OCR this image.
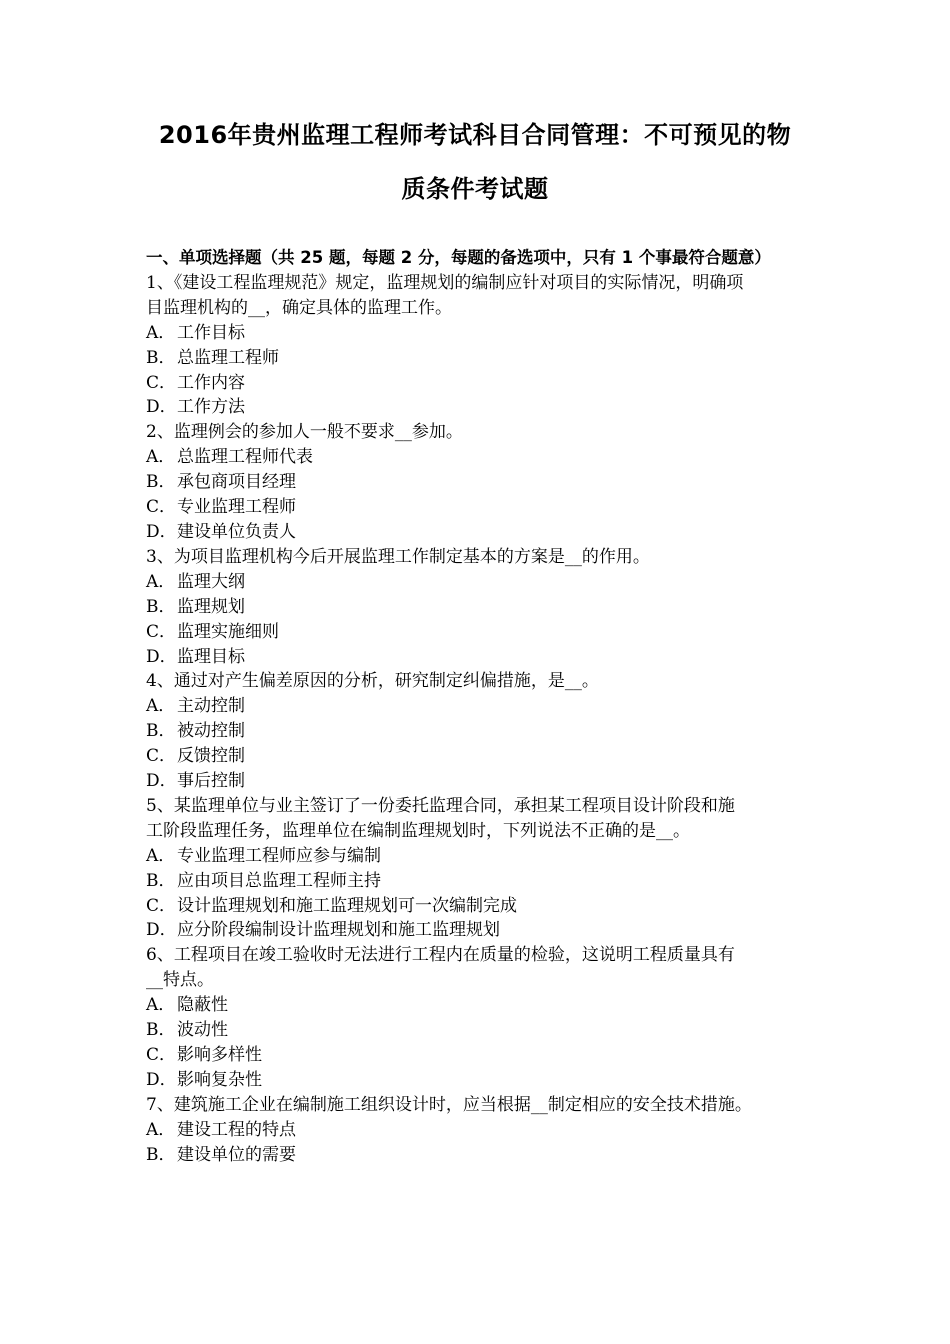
2016年贵州监理工程师考试科目合同管理：不可预见的物
质条件考试题
一、单项选择题（共 25 题，每题 2 分，每题的备选项中，只有 1 个事最符合题意）
1、《建设工程监理规范》规定，监理规划的编制应针对项目的实际情况，明确项
目监理机构的__，确定具体的监理工作。
A． 工作目标
B．总监理工程师
C．工作内容
D．工作方法
2、监理例会的参加人一般不要求__参加。
A． 总监理工程师代表
B．承包商项目经理
C．专业监理工程师
D．建设单位负责人
3、为项目监理机构今后开展监理工作制定基本的方案是__的作用。
A． 监理大纲
B．监理规划
C．监理实施细则
D．监理目标
4、通过对产生偏差原因的分析，研究制定纠偏措施，是__。
A． 主动控制
B．被动控制
C．反馈控制
D．事后控制
5、某监理单位与业主签订了一份委托监理合同，承担某工程项目设计阶段和施
工阶段监理任务，监理单位在编制监理规划时，下列说法不正确的是__。
A． 专业监理工程师应参与编制
B．应由项目总监理工程师主持
C．设计监理规划和施工监理规划可一次编制完成
D．应分阶段编制设计监理规划和施工监理规划
6、工程项目在竣工验收时无法进行工程内在质量的检验，这说明工程质量具有
__特点。
A． 隐蔽性
B．波动性
C．影响多样性
D．影响复杂性
7、建筑施工企业在编制施工组织设计时，应当根据__制定相应的安全技术措施。
A． 建设工程的特点
B．建设单位的需要
